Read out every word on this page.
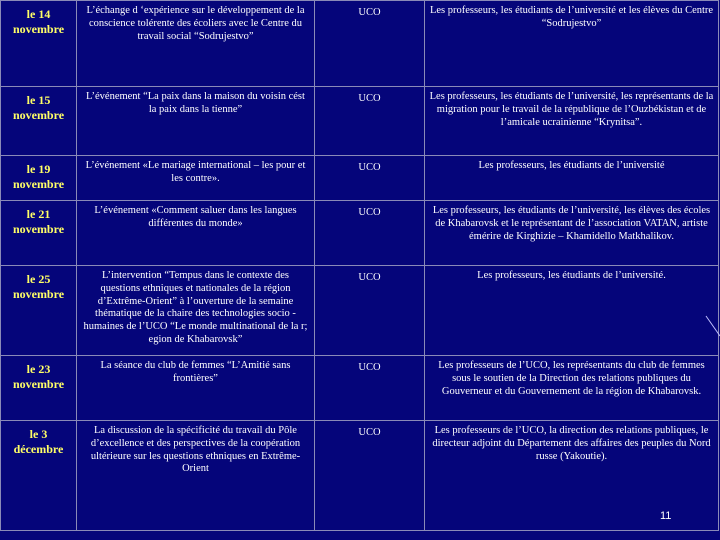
le 14 novembre	L’échange d ‘expérience sur le développement de la conscience tolérente des écoliers avec le Centre du travail social “Sodrujestvo”	UCO	Les professeurs, les étudiants de l’université et les élèves du Centre “Sodrujestvo”
le 15 novembre	L’événement “La paix dans la maison du voisin cést la paix dans la tienne”	UCO	Les professeurs, les étudiants de l’université, les représentants de la migration pour le travail de la république de l’Ouzbékistan et de l’amicale ucrainienne “Krynitsa”.
le 19 novembre	L’événement «Le mariage international – les pour et les contre».	UCO	Les professeurs, les étudiants de l’université
le 21 novembre	L’événement «Comment saluer dans les langues différentes du monde»	UCO	Les professeurs, les étudiants de l’université, les élèves des écoles de Khabarovsk et le représentant de l’association VATAN, artiste émérire de Kirghizie – Khamidello Matkhalikov.
le 25 novembre	L’intervention “Tempus dans le contexte des questions ethniques et nationales de la région d’Extrême-Orient” à l’ouverture de la semaine thématique de la chaire des technologies socio -humaines de l’UCO “Le monde multinational de la r; egion de Khabarovsk”	UCO	Les professeurs, les étudiants de l’université.
le 23 novembre	La séance du club de femmes “L’Amitié sans frontières”	UCO	Les professeurs de l’UCO, les représentants du club de femmes sous le soutien de la Direction des relations publiques du Gouverneur et du Gouvernement de la région de Khabarovsk.
le 3 décembre	La discussion de la spécificité du travail du Pôle d’excellence et des perspectives de la coopération ultérieure sur les questions ethniques en Extrême-Orient	UCO	Les professeurs de l’UCO, la direction des relations publiques, le directeur adjoint du Département des affaires des peuples du Nord russe (Yakoutie).
11
